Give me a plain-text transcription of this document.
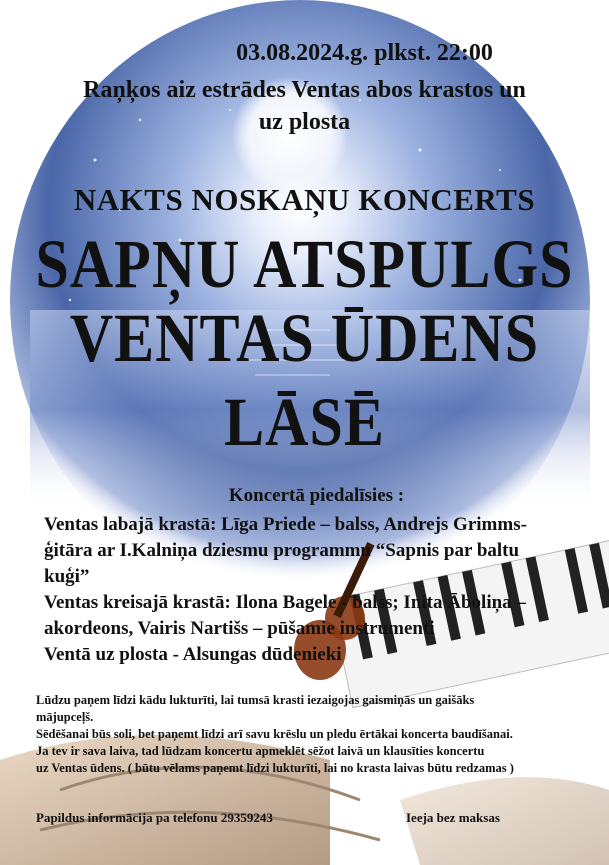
03.08.2024.g. plkst. 22:00
Raņķos aiz estrādes Ventas abos krastos un
uz plosta
NAKTS NOSKAŅU KONCERTS
SAPŅU ATSPULGS
VENTAS ŪDENS
LĀSĒ
Koncertā piedalīsies :

Ventas labajā krastā: Līga Priede – balss, Andrejs Grimms-

ģitāra ar I.Kalniņa dziesmu programmu “Sapnis par baltu

kuģi”

Ventas kreisajā krastā: Ilona Bagele - balss; Inita Āboliņa –

akordeons, Vairis Nartišs – pūšamie instrumenti

Ventā uz plosta - Alsungas dūdenieki

Lūdzu paņem līdzi kādu lukturīti, lai tumsā krasti iezaigojas gaismiņās un gaišāks

mājupceļš.

Sēdēšanai būs soli, bet paņemt līdzi arī savu krēslu un pledu ērtākai koncerta baudīšanai.

Ja tev ir sava laiva, tad lūdzam koncertu apmeklēt sēžot laivā un klausīties koncertu

uz Ventas ūdens. ( būtu vēlams paņemt līdzi lukturīti, lai no krasta laivas būtu redzamas )

Papildus informācija pa telefonu 29359243	Ieeja bez maksas
